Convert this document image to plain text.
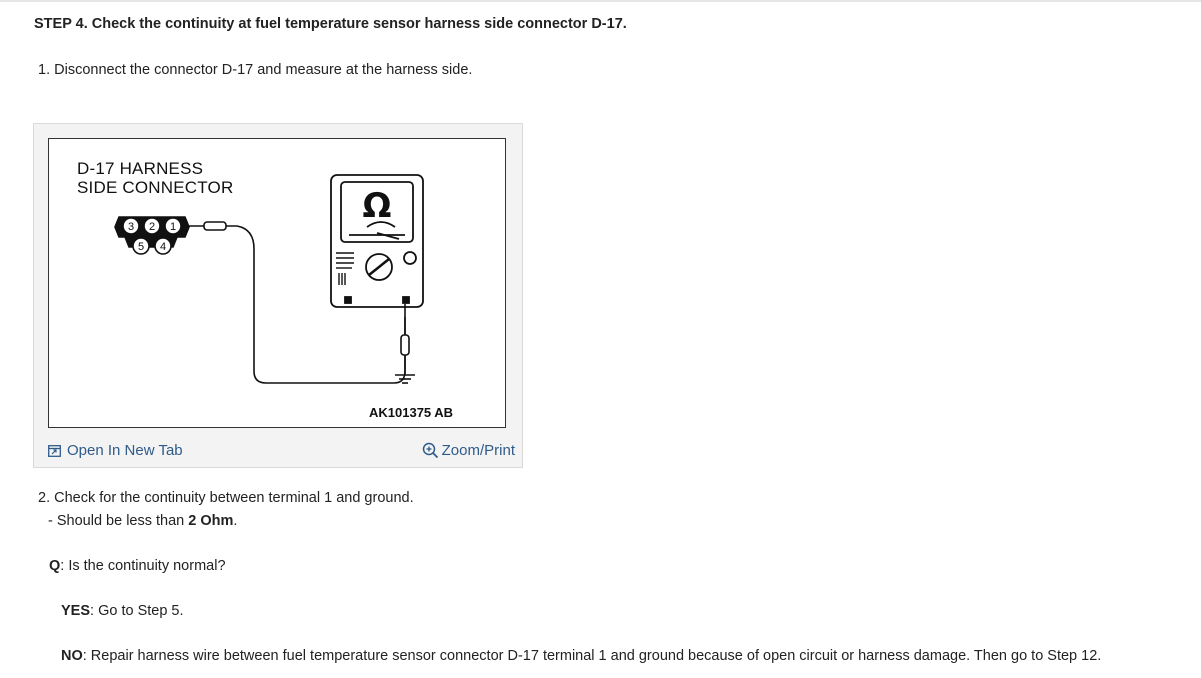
STEP 4. Check the continuity at fuel temperature sensor harness side connector D-17.
1. Disconnect the connector D-17 and measure at the harness side.
3 2 1
5 4
Ω
D-17 HARNESS
SIDE CONNECTOR
AK101375 AB
Open In New Tab	Zoom/Print
2. Check for the continuity between terminal 1 and ground.
- Should be less than 2 Ohm.
Q: Is the continuity normal?
YES: Go to Step 5.
NO: Repair harness wire between fuel temperature sensor connector D-17 terminal 1 and ground because of open circuit or harness damage. Then go to Step 12.
